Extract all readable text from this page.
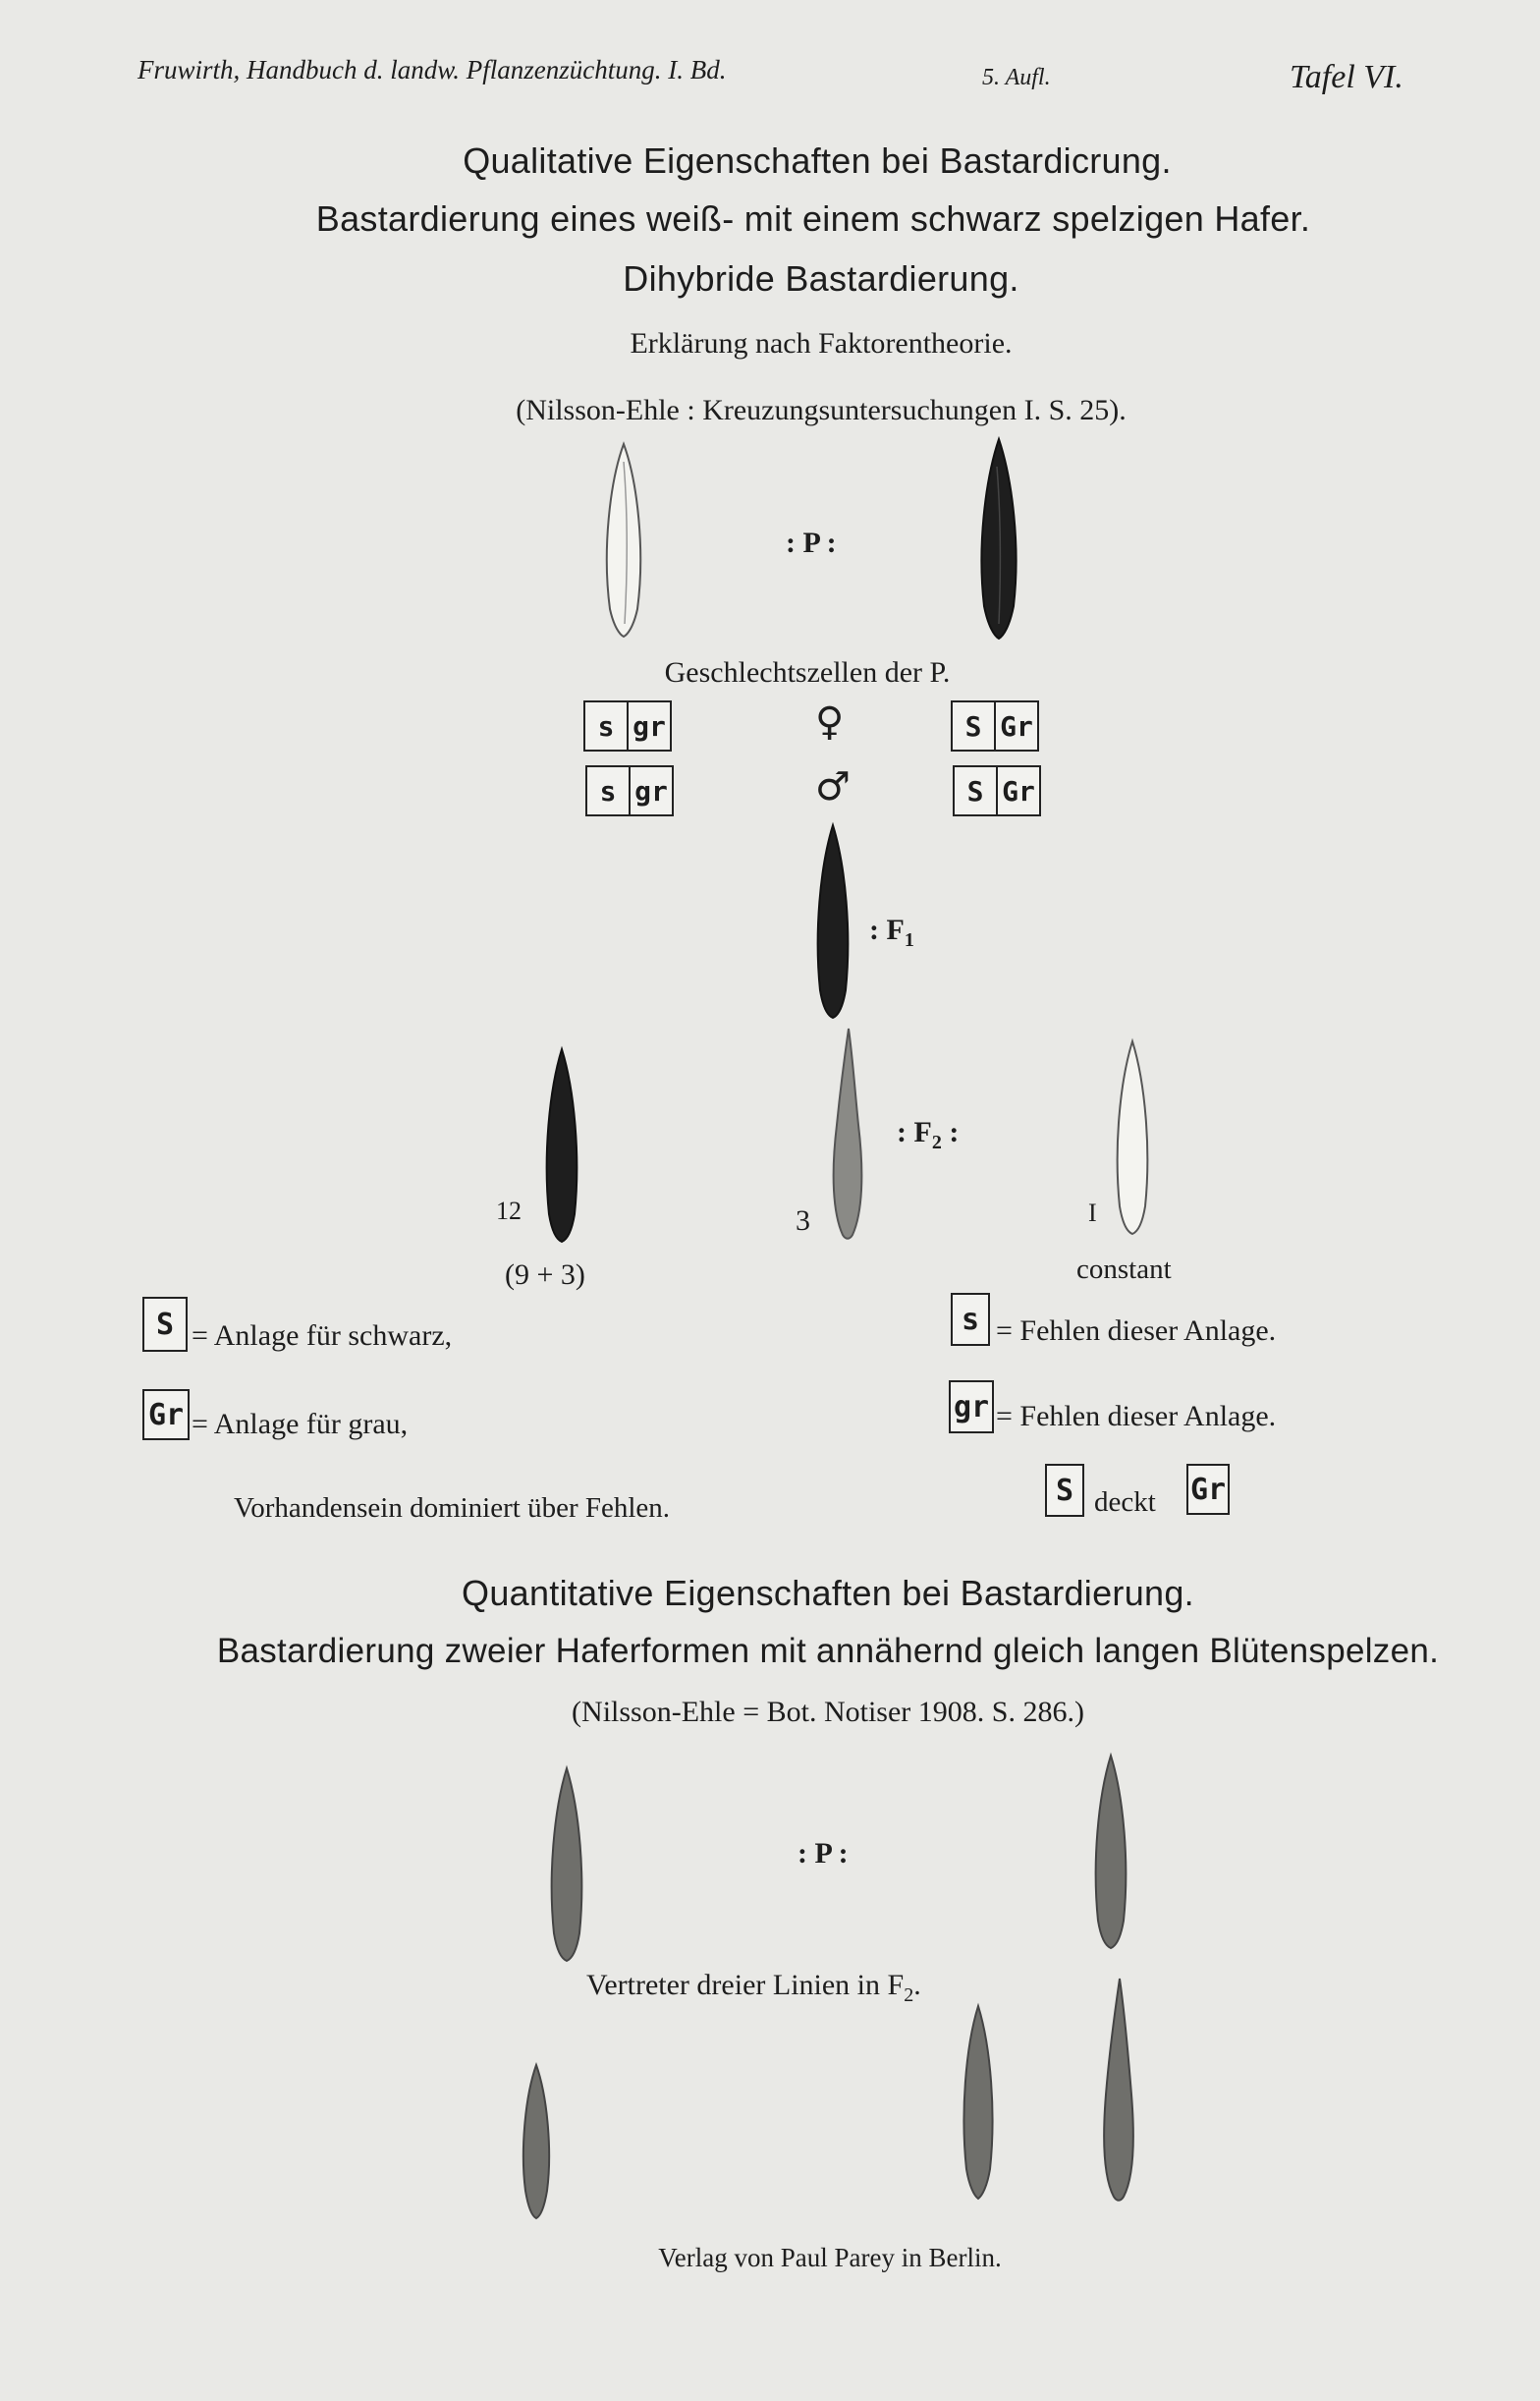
Fruwirth, Handbuch d. landw. Pflanzenzüchtung. I. Bd.	5. Aufl.	Tafel VI.
Qualitative Eigenschaften bei Bastardicrung.
Bastardierung eines weiß- mit einem schwarz spelzigen Hafer.
Dihybride Bastardierung.
Erklärung nach Faktorentheorie.
(Nilsson-Ehle : Kreuzungsuntersuchungen I. S. 25).
: P :
Geschlechtszellen der P.
s gr
s gr
♀
♂
S Gr
S Gr
: $F_1$
: $F_2$ :
12	3	I
(9 + 3)	constant
S = Anlage für schwarz,
Gr = Anlage für grau,
s = Fehlen dieser Anlage.
gr = Fehlen dieser Anlage.
Vorhandensein dominiert über Fehlen.
S deckt Gr
Quantitative Eigenschaften bei Bastardierung.
Bastardierung zweier Haferformen mit annähernd gleich langen Blütenspelzen.
(Nilsson-Ehle = Bot. Notiser 1908. S. 286.)
: P :
Vertreter dreier Linien in $F_2$.
Verlag von Paul Parey in Berlin.
